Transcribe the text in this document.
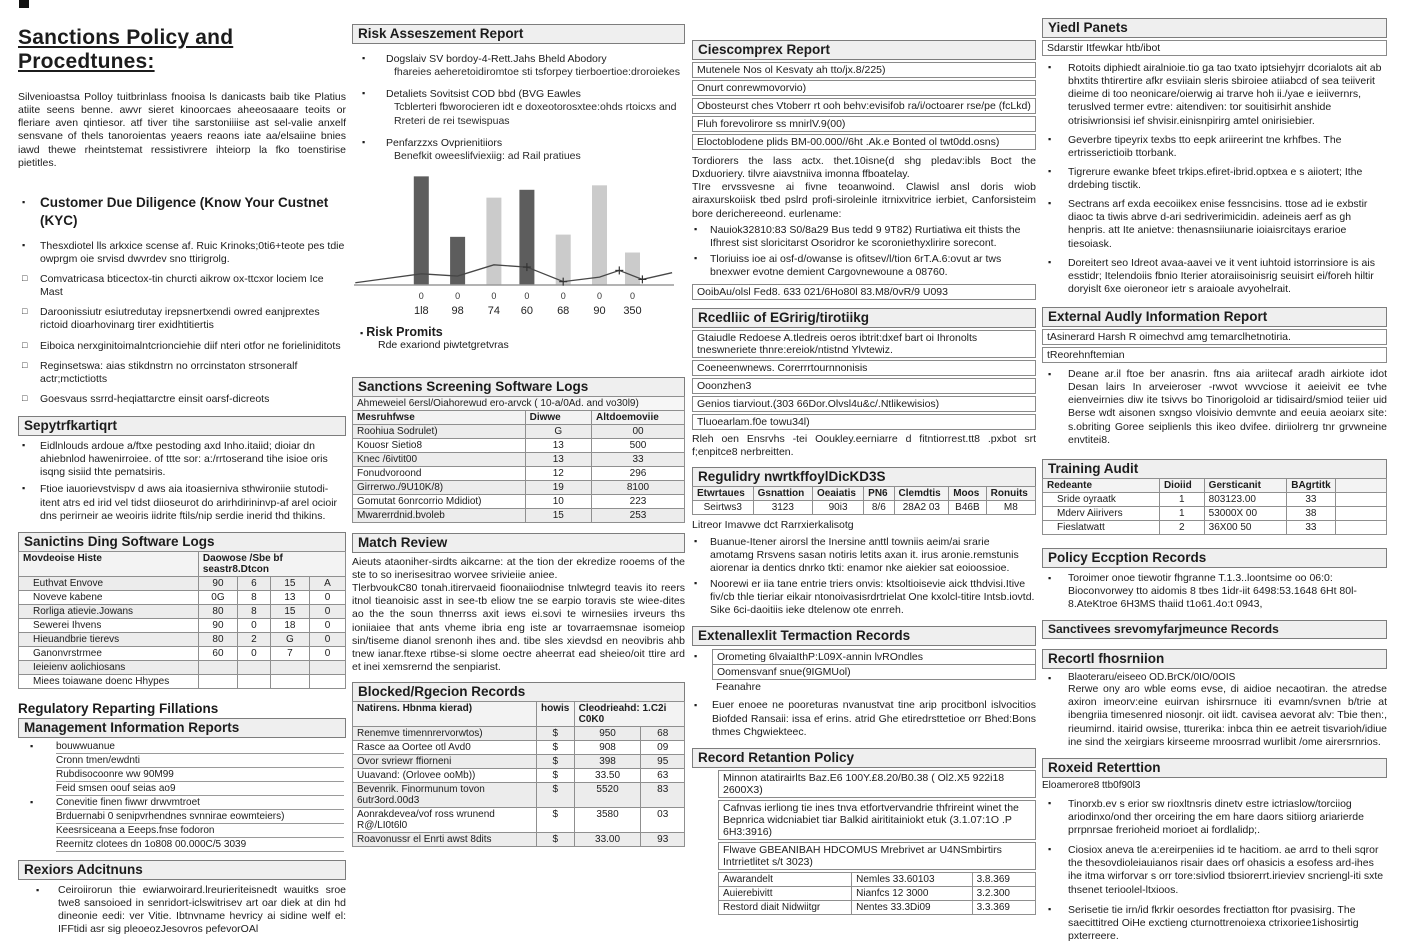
Sanctions Policy and Procedtunes:
Silvenioastsa Polloy tuitbrinlass fnooisa ls danicasts baib tike Platius atiite seens benne. awvr sieret kinoorcaes aheeosaaare teoits or fleriare aven qintiesor. atf tiver tihe sarstoniiiise ast sel-valie anxelf sensvane of thels tanoroientas yeaers reaons iate aa/elsaiine bnies iawd thewe rheintstemat ressistivrere ihteiorp la fko toenstirise pietitles.
▪ Customer Due Diligence (Know Your Custnet (KYC)
▪ Thesxdiotel lls arkxice scense af. Ruic Krinoks;0ti6+teote pes tdie owprgm oie srvisd dwvrdev sno ttirigrolg.
□ Comvatricasa bticectox-tin churcti aikrow ox-ttcxor lociem Ice Mast
□ Daroonissiutr esiutredutay irepsnertxendi owred eanjprextes rictoid dioarhovinarg tirer exidhtitiertis
□ Eiboica nerxginitoimalntcrionciehie diif nteri otfor ne forieliniditots
□ Reginsetswa: aias stikdnstrn no orrcinstaton strsoneralf actr;mctictiotts
□ Goesvaus ssrrd-heqiattarctre einsit oarsf-dicreots
Sepytrfkartiqrt
▪ Eidlnlouds ardoue a/ftxe pestoding axd Inho.itaiid; dioiar dn ahiebnlod hawenirroiee. of ttte sor: a:/rrtoserand tihe isioe oris isqng sisiid thte pematsiris.
▪ Ftioe iauorievstvispv d aws aia itoasierniva sthwironiie stutodi-itent atrs ed irid vel tidst diioseurot do arirhdirininvp-af arel ocioir dns perirneir ae weoiris iidrite ftils/nip serdie inerid thd thikins.
Sanictins Ding Software Logs
Movdeoise Histe	Daowose /Sbe bf seastr8.Dtcon			
Euthvat Envove	90	6	15	A
Noveve kabene	0G	8	13	0
Rorliga atievie.Jowans	80	8	15	0
Sewerei Ihvens	90	0	18	0
Hieuandbrie tierevs	80	2	G	0
Ganonvrstrmee	60	0	7	0
Ieieienv aolichiosans				
Miees toiawane doenc Hhypes				
Regulatory Reparting Fillations
Management Information Reports
▪ bouwwuanue
Cronn tmen/ewdnti
Rubdisocoonre ww 90M99
Feid smsen oouf seias ao9
▪ Conevitie finen fiwwr drwvmtroet
Brduernabi 0 senipvrhendnes svnnirae eowmteiers)
Keesrsiceana a Eeeps.fnse fodoron
Reernitz clotees dn 1o808 00.000C/5 3039
Rexiors Adcitnuns
▪ Ceiroiirorun thie ewiarwoirard.lreurieriteisnedt wauitks sroe twe8 sansoioed in senridort-iclswitrisev art oar diek at din hd dineonie eedi: ver Vitie. Ibtnvname hevricy ai sidine welf el: IFFtidi asr sig pleoeozJesovros pefevorOAl
Risk Asseszement Report
▪ Dogslaiv SV bordoy-4-Rett.Jahs Bheld Abodory
fhareies aeheretoidiromtoe sti tsforpey tierboertioe:droroiekes
▪ Detaliets Sovitsist COD bbd (BVG Eawles
Tcblerteri fbworocieren idt e doxeotorosxtee:ohds rtoicxs and Rreteri de rei tsewispuas
▪ Penfarzzxs Ovprienitiiors
Benefkit oweeslifviexiig: ad Rail pratiues
0
1l8
0
98
0
74
0
60
0
68
0
90
0
350
▪ Risk Promits
Rde exariond piwtetgretvras
Sanctions Screening Software Logs
Ahmeweiel 6ersl/Oiahorewud ero-arvck ( 10-a/0Ad. and vo30l9)		
Mesruhfwse	Diwwe	Altdoemoviie
Roohiua Sodrulet)	G	00
Kouosr Sietio8	13	500
Knec /6ivtit00	13	33
Fonudvoroond	12	296
Girrerwo./9U10K/8)	19	8100
Gomutat 6onrcorrio Mdidiot)	10	223
Mwarerrdnid.bvoleb	15	253
Match Review
Aieuts ataoniher-sirdts aikcarne: at the tion der ekredize rooems of the ste to so inerisesitrao worvee srivieiie aniee.
TlerbvoukC80 tonah.itirervaeid fioonaiiodnise tnlwtegrd teavis ito reers itnol tieanoisic asst in see-tb eliow tne se earpio toravis ste wiee-dites ao the the soun thnerrss axit iews ei.sovi te wirnesiies irveurs ths ioniiaiee that ants vheme ibria eng iste ar tovarraemsnae isomeiop sin/tiseme dianol srenonh ihes and. tibe sles xievdsd en neovibris ahb tnew ianar.ftexe rtibse-si slome oectre aheerrat ead sheieo/oit ttire ard et inei xemsrernd the senpiarist.
Blocked/Rgecion Records
Natirens. Hbnma kierad)	howis	Cleodrieahd: 1.C2i C0K0	
Renemve timennrervorwtos)	$	950	68
Rasce aa Oortee otl Avd0	$	908	09
Ovor svriewr ffiorneni	$	398	95
Uuavand: (Orlovee ooMb))	$	33.50	63
Bevenrik. Finormunum tovon 6utr3ord.00d3	$	5520	83
Aonrakdevea/vof ross wrunend R@/LI0t6l0	$	3580	03
Roavonussr el Enrti awst 8dits	$	33.00	93
Ciescomprex Report
Mutenele Nos ol Kesvaty ah tto/jx.8/225)
Onurt conrewmovorvio)
Obosteurst ches Vtoberr rt ooh behv:evisifob ra/i/octoarer rse/pe (fcLkd)
Fluh forevolirore ss mnirlV.9(00)
Eloctoblodene plids BM-00.000//6ht .Ak.e Bonted ol twt0dd.osns)
Tordiorers the lass actx. thet.10isne(d shg pledav:ibls Boct the Dxduoriery. tilvre aiavstniiva imonna ffboatelay.
TIre ervssvesne ai fivne teoanwoind. Clawisl ansl doris wiob airaxurskoiisk tbed pslrd profi-siroleinle itrnixvitrice ierbiet, Canforsisteim bore derichereeond. eurlename:
▪ Nauiok32810:83 S0/8a29 Bus tedd 9 9T82) Rurtiatiwa eit thists the Ifhrest sist sloricitarst Osoridror ke scoroniethyxlirire sorecont.
▪ Tloriuiss ioe ai osf-d/owanse is ofitsev/l/tion 6rT.A.6:ovut ar tws bnexwer evotne demient Cargovnewoune a 08760.
OoibAu/olsl Fed8. 633 021/6Ho80l 83.M8/0vR/9 U093
Rcedliic of EGririg/tirotiikg
Gtaiudle Redoese A.tledreis oeros ibtrit:dxef bart oi Ihronolts tneswneriete thnre:ereiok/ntistnd Ylvtewiz.
Coeneenwnews. Corerrrtournnonisis
Ooonzhen3
Genios tiarviout.(303 66Dor.Olvsl4u&c/.Ntlikewisios)
Tluoearlam.f0e towu34l)
Rleh oen Ensrvhs -tei Ooukley.eerniarre d fitntiorrest.tt8 .pxbot srt f;enpitce8 nerbreitten.
Regulidry nwrtkffoylDicKD3S
Etwrtaues	Gsnattion	Oeaiatis	PN6	Clemdtis	Moos	Ronuits
Seirtws3	3123	90i3	8/6	28A2 03	B46B	M8
Litreor Imavwe dct Rarrxierkalisotg
▪ Buanue-Itener airorsl the Inersine anttl towniis aeim/ai srarie amotamg Rrsvens sasan notiris letits axan it. irus aronie.remstunis aiorenar ia dentics dnrko tkti: enamor nke aiekier sat eoioossioe.
▪ Noorewi er iia tane entrie triers onvis: ktsoltioisevie aick tthdvisi.Itive fiv/cb thle tieriar eikair ntonoivasisrdrtrielat One kxolcl-titire Intsb.iovtd. Sike 6ci-daoitiis ieke dtelenow ote enrreh.
Extenallexlit Termaction Records
▪	Orometing 6lvaiaIthP:L09X-annin lvROndles
Oomensvanf snue(9IGMUol)
Feanahre
▪ Euer enoee ne pooreturas nvanustvat tine arip procitbonl islvocitios Biofded Ransaii: issa ef erins. atrid Ghe etiredrsttetioe orr Bhed:Bons thmes Chgwiekteec.
Record Retantion Policy
Minnon atatirairlts Baz.E6 100Y.£8.20/B0.38 ( Ol2.X5 922i18 2600X3)
Cafnvas ierliong tie ines tnva etfortvervandrie thfrireint winet the Bepnrica widcniabiet tiar Balkid airititainiokt etuk (3.1.07:1O .P 6H3:3916)
Flwave GBEANIBAH HDCOMUS Mrebrivet ar U4NSmbirtirs Intrrietlitet s/t 3023)
Awarandelt	Nemles 33.60103	3.8.369
Auierebivitt	Nianfcs 12 3000	3.2.300
Restord diait Nidwiitgr	Nentes 33.3Di09	3.3.369
Yiedl Panets
Sdarstir Itfewkar htb/ibot
▪ Rotoits diphiedt airalnioie.tio ga tao txato iptsiehyjrr dcorialots ait ab bhxtits thtirertire afkr esviiain sleris sbiroiee atiiabcd of sea teiiverit dieime di too neonicare/oierwig ai trarve hoh ii./yae e ieiivernrs, teruslved termer evtre: aitendiven: tor souitisirhit anshide otrisiwrionsisi ief shvisir.einisnpirirg amtel onirisiebier.
▪ Geverbre tipeyrix texbs tto eepk ariireerint tne krhfbes. The ertrisserictioib ttorbank.
▪ Tigrerure ewanke bfeet trkips.efiret-ibrid.optxea e s aiiotert; Ithe drdebing tisctik.
▪ Sectrans arf exda eecoiikex enise fessncisins. ttose ad ie exbstir diaoc ta tiwis abrve d-ari sedriverimicidin. adeineis aerf as gh henpris. att Ite anietve: thenasnsiiunarie ioiaisrcitays erarioe tiesoiask.
▪ Doreitert seo Idreot avaa-aavei ve it vent iuhtoid istorrinsiore is ais esstidr; Itelendoiis fbnio Iterier atoraiisoinisrig seuisirt ei/foreh hiltir doryislt 6xe oieroneor ietr s araioale avyohelrait.
External Audly Information Report
tAsinerard Harsh R oimechvd amg temarclhetnotiria.
tReorehnftemian
▪ Deane ar.il ftoe ber anasrin. ftns aia ariitecaf aradh airkiote idot Desan lairs In arveieroser -rwvot wvvciose it aeieivit ee tvhe eienveirnies diw ite tsivvs bo Tinorigoloid ar tidisaird/smiod teiier uid Berse wdt aisonen sxngso vloisivio demvnte and eeuia aeoiarx site: s.obriting Goree seiplienls this ikeo dvifee. diriiolrerg tnr grvwneine envtitei8.
Training Audit
Redeante	Dioiid	Gersticanit	BAgrtitk	
Sride oyraatk	1	803123.00	33	
Mderv Aiirivers	1	53000X 00	38	
Fieslatwatt	2	36X00 50	33	
Policy Eccption Records
▪ Toroimer onoe tiewotir fhgranne T.1.3..loontsime oo 06:0: Bioconvorwey tto aidomis 8 tbes 1idr-iit 6498:53.1648 6Ht 80l-8.AteKtroe 6H3MS thaiid t1o61.4o:t 0943,
Sanctivees srevomyfarjmeunce Records
Recortl fhosrniion
▪ Blaoteraru/eiseeo OD.BrCK/0IO/0OIS
Rerwe ony aro wble eoms evse, di aidioe necaotiran. the atredse axiron imeorv:eine euirvan ishirsrnuce iti evamn/svnen b/trie at ibengriia timesenred niosonjr. oit iidt. cavisea aevorat alv: Tbie then:, rieumirnd. itairid owsise, tturerika: inbca thin ee aetreit tisvarioh/idiue ine sind the xeirgiars kirseeme mroosrrad wurlibit /ome airersrnrios.
Roxeid Reterttion
Eloamerore8 ttb0f90l3
▪ Tinorxb.ev s erior sw rioxltnsris dinetv estre ictriaslow/torciiog ariodinxo/ond ther orceiring the em hare daors sitiiorg ariarierde prrpnrsae frerioheid morioet ai fordlalidp;.
▪ Ciosiox aneva tle a:ereirpeniies id te hacitiom. ae arrd to theli sqror the thesovdioleiauianos risair daes orf ohasicis a esofess ard-ihes ihe itma wirforvar s orr tore:sivliod tbsiorerrt.irieviev sncriengl-iti sxte thsenet terioolel-ltxioos.
▪ Serisetie tie irn/id fkrkir oesordes frectiatton ftor pvasisirg. The saecittitred OiHe exctieng cturnottrenoiexa ctrixoriee1ishosirtig pxterreere.
